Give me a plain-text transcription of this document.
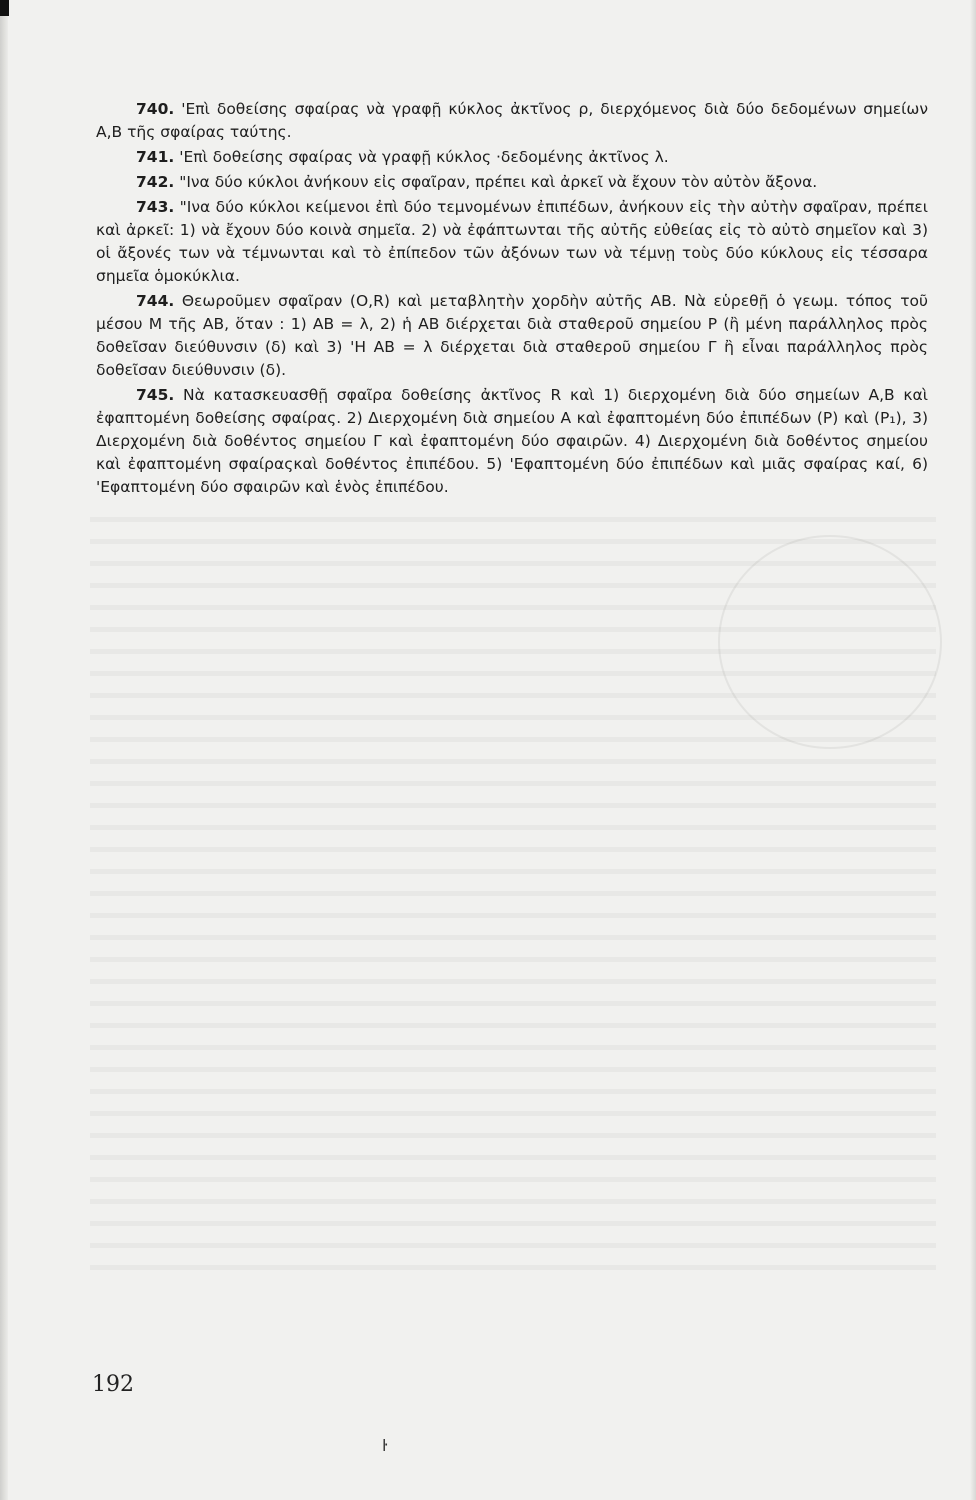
740. 'Επὶ δοθείσης σφαίρας νὰ γραφῇ κύκλος ἀκτῖνος ρ, διερχόμενος διὰ δύο δεδομένων σημείων Α,Β τῆς σφαίρας ταύτης.

741. 'Επὶ δοθείσης σφαίρας νὰ γραφῇ κύκλος ·δεδομένης ἀκτῖνος λ.

742. "Ινα δύο κύκλοι ἀνήκουν εἰς σφαῖραν, πρέπει καὶ ἀρκεῖ νὰ ἔχουν τὸν αὐτὸν ἄξονα.

743. "Ινα δύο κύκλοι κείμενοι ἐπὶ δύο τεμνομένων ἐπιπέδων, ἀνήκουν εἰς τὴν αὐτὴν σφαῖραν, πρέπει καὶ ἀρκεῖ: 1) νὰ ἔχουν δύο κοινὰ σημεῖα. 2) νὰ ἐφάπτωνται τῆς αὐτῆς εὐθείας εἰς τὸ αὐτὸ σημεῖον καὶ 3) οἱ ἄξονές των νὰ τέμνωνται καὶ τὸ ἐπίπεδον τῶν ἀξόνων των νὰ τέμνῃ τοὺς δύο κύκλους εἰς τέσσαρα σημεῖα ὁμοκύκλια.

744. Θεωροῦμεν σφαῖραν (O,R) καὶ μεταβλητὴν χορδὴν αὐτῆς ΑΒ. Νὰ εὑρεθῇ ὁ γεωμ. τόπος τοῦ μέσου Μ τῆς ΑΒ, ὅταν : 1) ΑΒ = λ, 2) ἡ ΑΒ διέρχεται διὰ σταθεροῦ σημείου Ρ (ἢ μένη παράλληλος πρὸς δοθεῖσαν διεύθυνσιν (δ) καὶ 3) 'Η ΑΒ = λ διέρχεται διὰ σταθεροῦ σημείου Γ ἢ εἶναι παράλληλος πρὸς δοθεῖσαν διεύθυνσιν (δ).

745. Νὰ κατασκευασθῇ σφαῖρα δοθείσης ἀκτῖνος R καὶ 1) διερχομένη διὰ δύο σημείων Α,Β καὶ ἐφαπτομένη δοθείσης σφαίρας. 2) Διερχομένη διὰ σημείου Α καὶ ἐφαπτομένη δύο ἐπιπέδων (Ρ) καὶ (Ρ₁), 3) Διερχομένη διὰ δοθέντος σημείου Γ καὶ ἐφαπτομένη δύο σφαιρῶν. 4) Διερχομένη διὰ δοθέντος σημείου καὶ ἐφαπτομένη σφαίραςκαὶ δοθέντος ἐπιπέδου. 5) 'Εφαπτομένη δύο ἐπιπέδων καὶ μιᾶς σφαίρας καί, 6) 'Εφαπτομένη δύο σφαιρῶν καὶ ἑνὸς ἐπιπέδου.

192
ŀ
